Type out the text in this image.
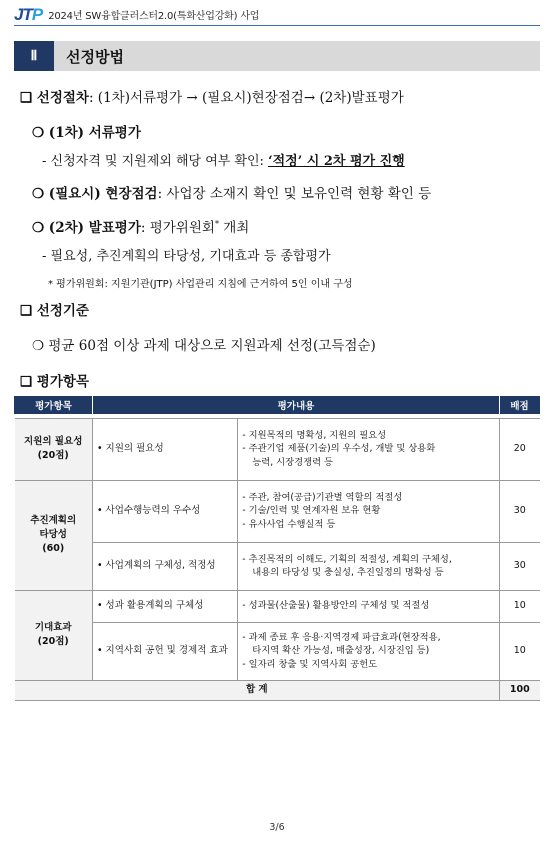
JTP 2024년 SW융합클러스터2.0(특화산업강화) 사업
Ⅱ	선정방법
❑ 선정절차: (1차)서류평가 → (필요시)현장점검→ (2차)발표평가
❍ (1차) 서류평가
- 신청자격 및 지원제외 해당 여부 확인: ‘적정’ 시 2차 평가 진행
❍ (필요시) 현장점검: 사업장 소재지 확인 및 보유인력 현황 확인 등
❍ (2차) 발표평가: 평가위원회* 개최
- 필요성, 추진계획의 타당성, 기대효과 등 종합평가
* 평가위원회: 지원기관(JTP) 사업관리 지침에 근거하여 5인 이내 구성
❑ 선정기준
❍ 평균 60점 이상 과제 대상으로 지원과제 선정(고득점순)
❑ 평가항목
평가항목	평가내용		배점

지원의 필요성
(20점)	• 지원의 필요성	- 지원목적의 명확성, 지원의 필요성
- 주관기업 제품(기술)의 우수성, 개발 및 상용화
능력, 시장경쟁력 등	20

추진계획의
타당성
(60)	• 사업수행능력의 우수성	- 주관, 참여(공급)기관별 역할의 적절성
- 기술/인력 및 연계자원 보유 현황
- 유사사업 수행실적 등	30
	• 사업계획의 구체성, 적정성	- 추진목적의 이해도, 기획의 적절성, 계획의 구체성,
내용의 타당성 및 충실성, 추진일정의 명확성 등	30

기대효과
(20점)	• 성과 활용계획의 구체성	- 성과물(산출물) 활용방안의 구체성 및 적절성	10
	• 지역사회 공헌 및 경제적 효과	- 과제 종료 후 응용·지역경제 파급효과(현장적용,
타지역 확산 가능성, 매출성장, 시장진입 등)
- 일자리 창출 및 지역사회 공헌도	10
합 계			100
3/6
